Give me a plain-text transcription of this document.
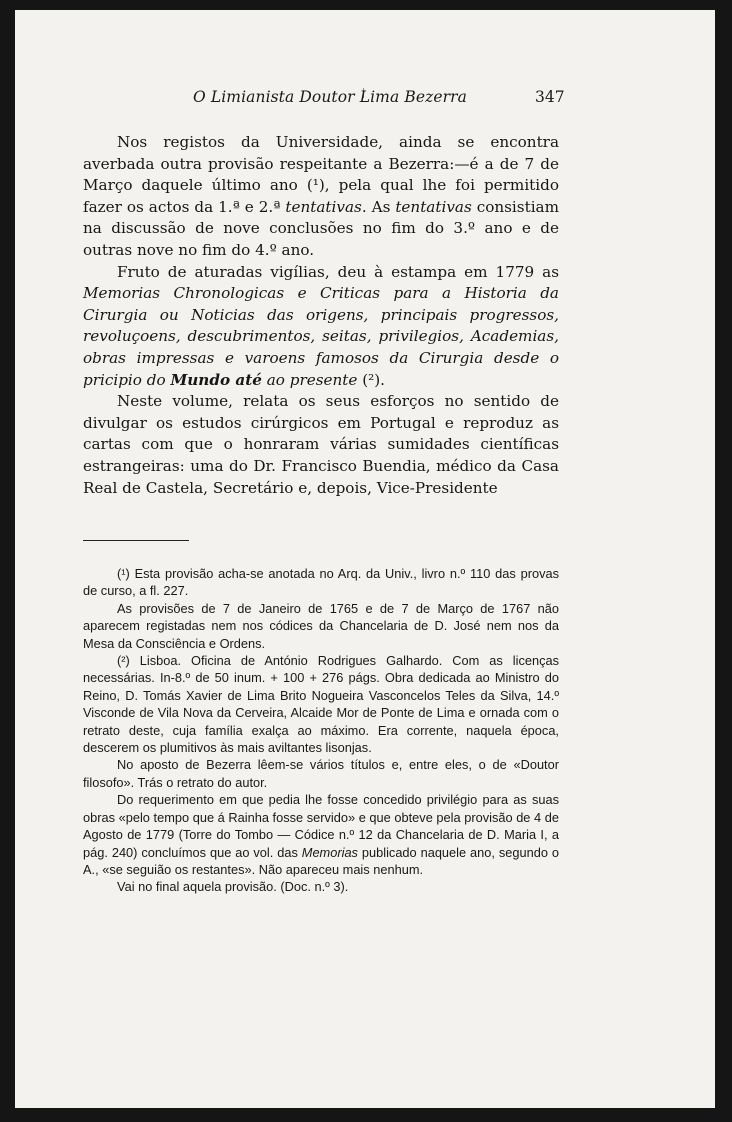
O Limianista Doutor Lima Bezerra	347

Nos registos da Universidade, ainda se encontra averbada outra provisão respeitante a Bezerra:—é a de 7 de Março daquele último ano (¹), pela qual lhe foi permitido fazer os actos da 1.ª e 2.ª tentativas. As tentativas consistiam na discussão de nove conclusões no fim do 3.º ano e de outras nove no fim do 4.º ano.

Fruto de aturadas vigílias, deu à estampa em 1779 as Memorias Chronologicas e Criticas para a Historia da Cirurgia ou Noticias das origens, principais progressos, revoluçoens, descubrimentos, seitas, privilegios, Academias, obras impressas e varoens famosos da Cirurgia desde o pricipio do Mundo até ao presente (²).

Neste volume, relata os seus esforços no sentido de divulgar os estudos cirúrgicos em Portugal e reproduz as cartas com que o honraram várias sumidades científicas estrangeiras: uma do Dr. Francisco Buendia, médico da Casa Real de Castela, Secretário e, depois, Vice-Presidente

(¹) Esta provisão acha-se anotada no Arq. da Univ., livro n.º 110 das provas de curso, a fl. 227.

As provisões de 7 de Janeiro de 1765 e de 7 de Março de 1767 não aparecem registadas nem nos códices da Chancelaria de D. José nem nos da Mesa da Consciência e Ordens.

(²) Lisboa. Oficina de António Rodrigues Galhardo. Com as licenças necessárias. In-8.º de 50 inum. + 100 + 276 págs. Obra dedicada ao Ministro do Reino, D. Tomás Xavier de Lima Brito Nogueira Vasconcelos Teles da Silva, 14.º Visconde de Vila Nova da Cerveira, Alcaide Mor de Ponte de Lima e ornada com o retrato deste, cuja família exalça ao máximo. Era corrente, naquela época, descerem os plumitivos às mais aviltantes lisonjas.

No aposto de Bezerra lêem-se vários títulos e, entre eles, o de «Doutor filosofo». Trás o retrato do autor.

Do requerimento em que pedia lhe fosse concedido privilégio para as suas obras «pelo tempo que á Rainha fosse servido» e que obteve pela provisão de 4 de Agosto de 1779 (Torre do Tombo — Códice n.º 12 da Chancelaria de D. Maria I, a pág. 240) concluímos que ao vol. das Memorias publicado naquele ano, segundo o A., «se seguião os restantes». Não apareceu mais nenhum.

Vai no final aquela provisão. (Doc. n.º 3).
